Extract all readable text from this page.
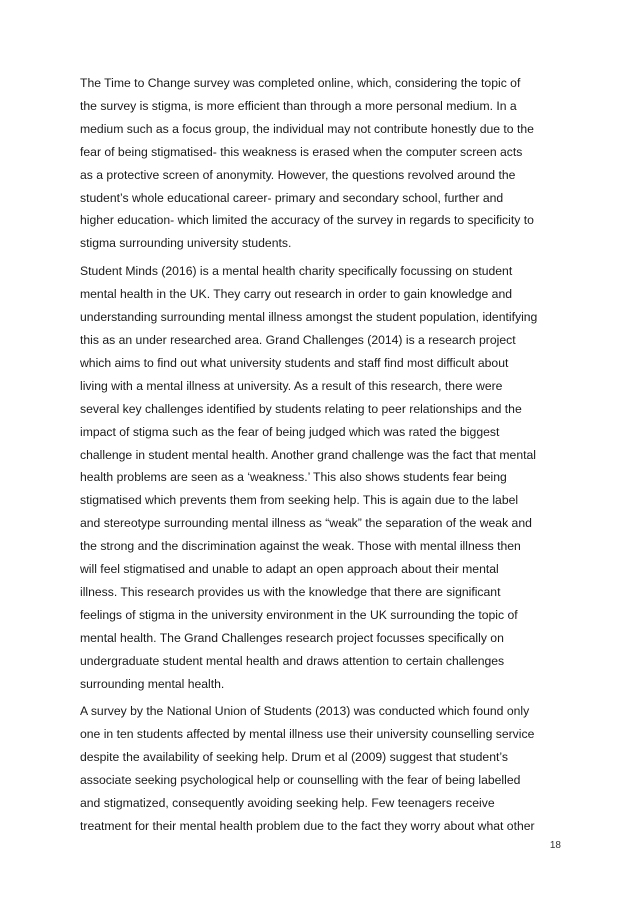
The Time to Change survey was completed online, which, considering the topic of
the survey is stigma, is more efficient than through a more personal medium. In a
medium such as a focus group, the individual may not contribute honestly due to the
fear of being stigmatised- this weakness is erased when the computer screen acts
as a protective screen of anonymity. However, the questions revolved around the
student’s whole educational career- primary and secondary school, further and
higher education- which limited the accuracy of the survey in regards to specificity to
stigma surrounding university students.
Student Minds (2016) is a mental health charity specifically focussing on student
mental health in the UK. They carry out research in order to gain knowledge and
understanding surrounding mental illness amongst the student population, identifying
this as an under researched area. Grand Challenges (2014) is a research project
which aims to find out what university students and staff find most difficult about
living with a mental illness at university. As a result of this research, there were
several key challenges identified by students relating to peer relationships and the
impact of stigma such as the fear of being judged which was rated the biggest
challenge in student mental health. Another grand challenge was the fact that mental
health problems are seen as a ‘weakness.’ This also shows students fear being
stigmatised which prevents them from seeking help. This is again due to the label
and stereotype surrounding mental illness as “weak” the separation of the weak and
the strong and the discrimination against the weak. Those with mental illness then
will feel stigmatised and unable to adapt an open approach about their mental
illness. This research provides us with the knowledge that there are significant
feelings of stigma in the university environment in the UK surrounding the topic of
mental health. The Grand Challenges research project focusses specifically on
undergraduate student mental health and draws attention to certain challenges
surrounding mental health.
A survey by the National Union of Students (2013) was conducted which found only
one in ten students affected by mental illness use their university counselling service
despite the availability of seeking help. Drum et al (2009) suggest that student’s
associate seeking psychological help or counselling with the fear of being labelled
and stigmatized, consequently avoiding seeking help. Few teenagers receive
treatment for their mental health problem due to the fact they worry about what other
18
